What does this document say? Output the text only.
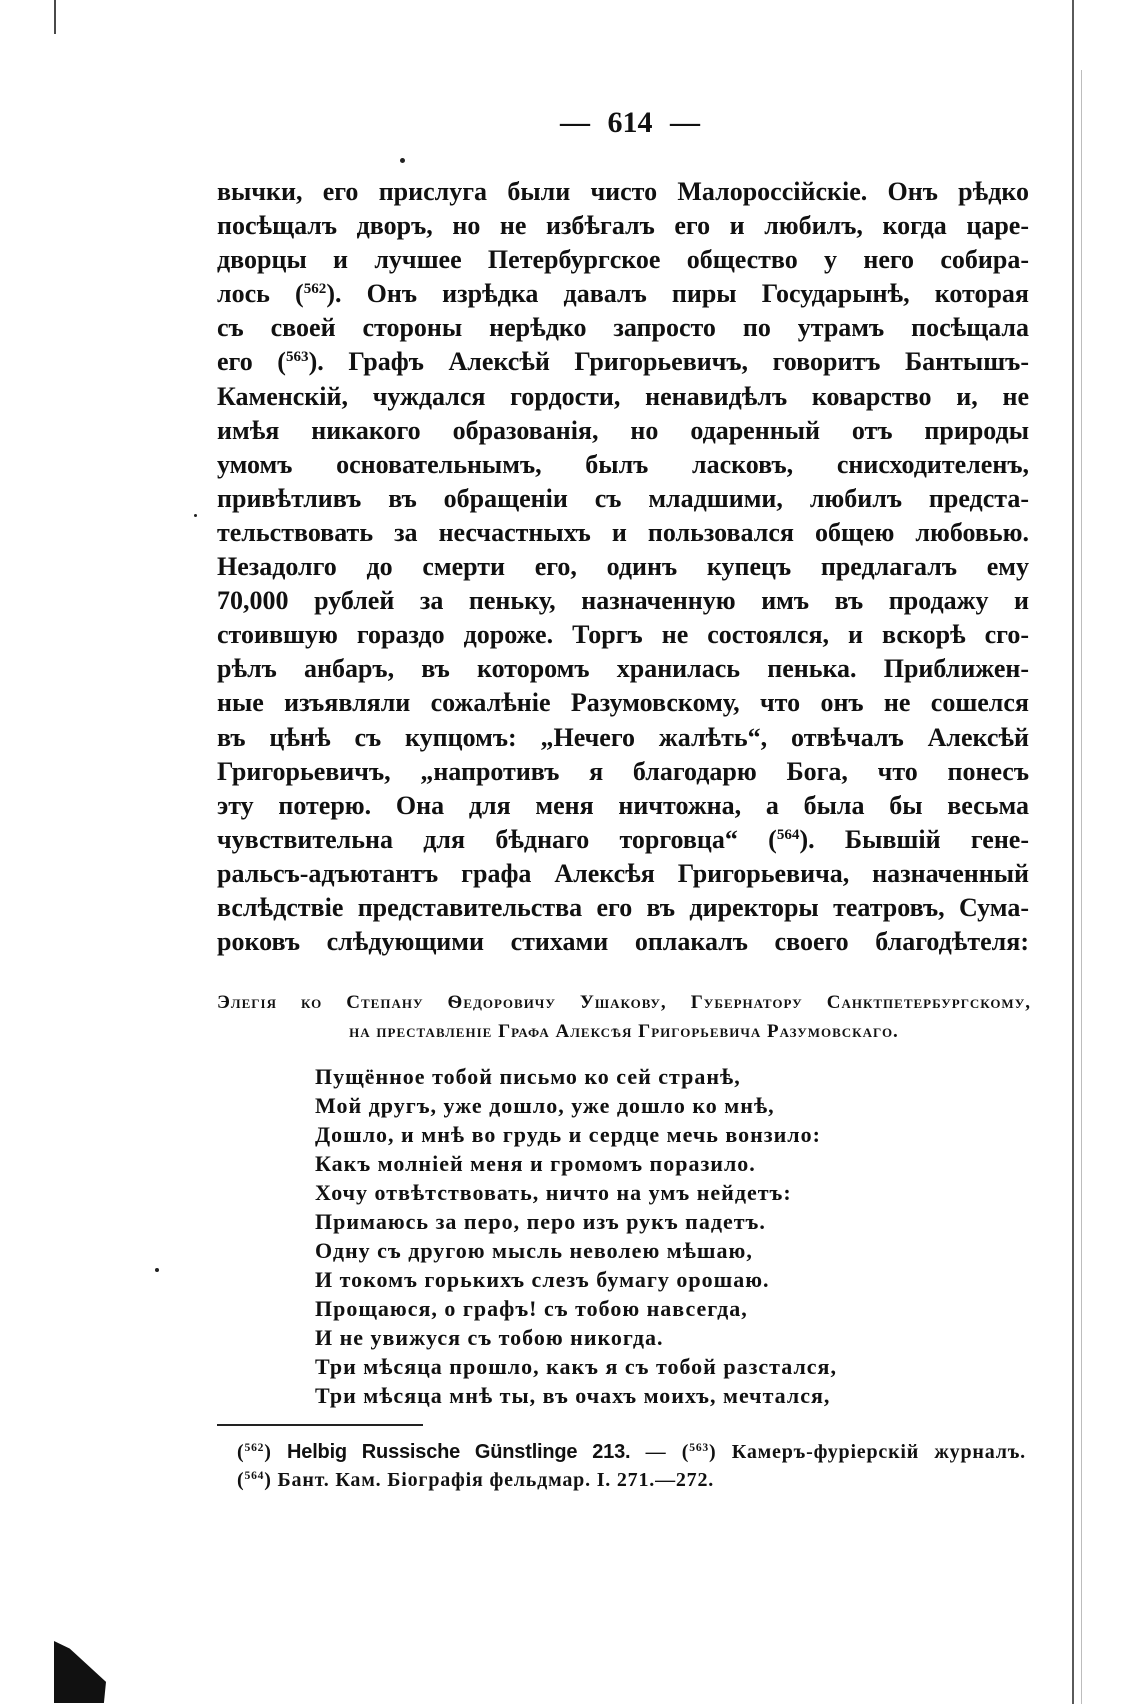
— 614 —
вычки, его прислуга были чисто Малороссійскіе. Онъ рѣдко
посѣщалъ дворъ, но не избѣгалъ его и любилъ, когда царе-
дворцы и лучшее Петербургское общество у него собира-
лось ($^{562}$). Онъ изрѣдка давалъ пиры Государынѣ, которая
съ своей стороны нерѣдко запросто по утрамъ посѣщала
его ($^{563}$). Графъ Алексѣй Григорьевичъ, говоритъ Бантышъ-
Каменскій, чуждался гордости, ненавидѣлъ коварство и, не
имѣя никакого образованія, но одаренный отъ природы
умомъ основательнымъ, былъ ласковъ, снисходителенъ,
привѣтливъ въ обращеніи съ младшими, любилъ предста-
тельствовать за несчастныхъ и пользовался общею любовью.
Незадолго до смерти его, одинъ купецъ предлагалъ ему
70,000 рублей за пеньку, назначенную имъ въ продажу и
стоившую гораздо дороже. Торгъ не состоялся, и вскорѣ сго-
рѣлъ анбаръ, въ которомъ хранилась пенька. Приближен-
ные изъявляли сожалѣніе Разумовскому, что онъ не сошелся
въ цѣнѣ съ купцомъ: „Нечего жалѣть“, отвѣчалъ Алексѣй
Григорьевичъ, „напротивъ я благодарю Бога, что понесъ
эту потерю. Она для меня ничтожна, а была бы весьма
чувствительна для бѣднаго торговца“ ($^{564}$). Бывшій гене-
ральсъ-адъютантъ графа Алексѣя Григорьевича, назначенный
вслѣдствіе представительства его въ директоры театровъ, Сума-
роковъ слѣдующими стихами оплакалъ своего благодѣтеля:
Элегія ко Степану Ѳедоровичу Ушакову, Губернатору Санктпетербургскому,
на преставленіе Графа Алексѣя Григорьевича Разумовскаго.
Пущённое тобой письмо ко сей странѣ,
Мой другъ, уже дошло, уже дошло ко мнѣ,
Дошло, и мнѣ во грудь и сердце мечь вонзило:
Какъ молніей меня и громомъ поразило.
Хочу отвѣтствовать, ничто на умъ нейдетъ:
Примаюсь за перо, перо изъ рукъ падетъ.
Одну съ другою мысль неволею мѣшаю,
И токомъ горькихъ слезъ бумагу орошаю.
Прощаюся, о графъ! съ тобою навсегда,
И не увижуся съ тобою никогда.
Три мѣсяца прошло, какъ я съ тобой разстался,
Три мѣсяца мнѣ ты, въ очахъ моихъ, мечтался,
($^{562}$) Helbig Russische Günstlinge 213. — ($^{563}$) Камеръ-фуріерскій журналъ.
($^{564}$) Бант. Кам. Біографія фельдмар. I. 271.—272.
